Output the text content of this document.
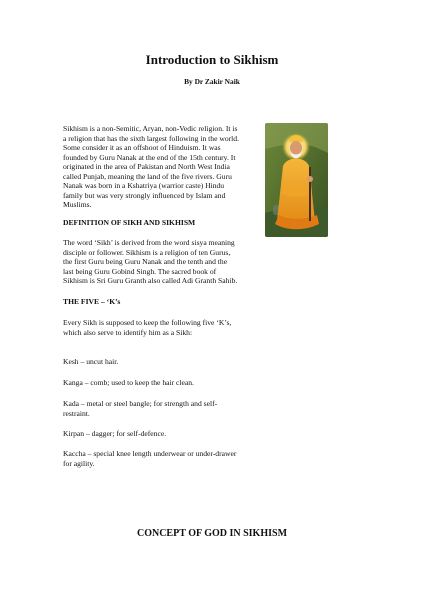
Introduction to Sikhism
By Dr Zakir Naik
Sikhism is a non-Semitic, Aryan, non-Vedic religion. It is
a religion that has the sixth largest following in the world.
Some consider it as an offshoot of Hinduism. It was
founded by Guru Nanak at the end of the 15th century. It
originated in the area of Pakistan and North West India
called Punjab, meaning the land of the five rivers. Guru
Nanak was born in a Kshatriya (warrior caste) Hindu
family but was very strongly influenced by Islam and
Muslims.
DEFINITION OF SIKH AND SIKHISM
The word ‘Sikh’ is derived from the word sisya meaning
disciple or follower. Sikhism is a religion of ten Gurus,
the first Guru being Guru Nanak and the tenth and the
last being Guru Gobind Singh. The sacred book of
Sikhism is Sri Guru Granth also called Adi Granth Sahib.
THE FIVE – ‘K’s
Every Sikh is supposed to keep the following five ‘K’s,
which also serve to identify him as a Sikh:
Kesh – uncut hair.
Kanga – comb; used to keep the hair clean.
Kada – metal or steel bangle; for strength and self-
restraint.
Kirpan – dagger; for self-defence.
Kaccha – special knee length underwear or under-drawer
for agility.
CONCEPT OF GOD IN SIKHISM
